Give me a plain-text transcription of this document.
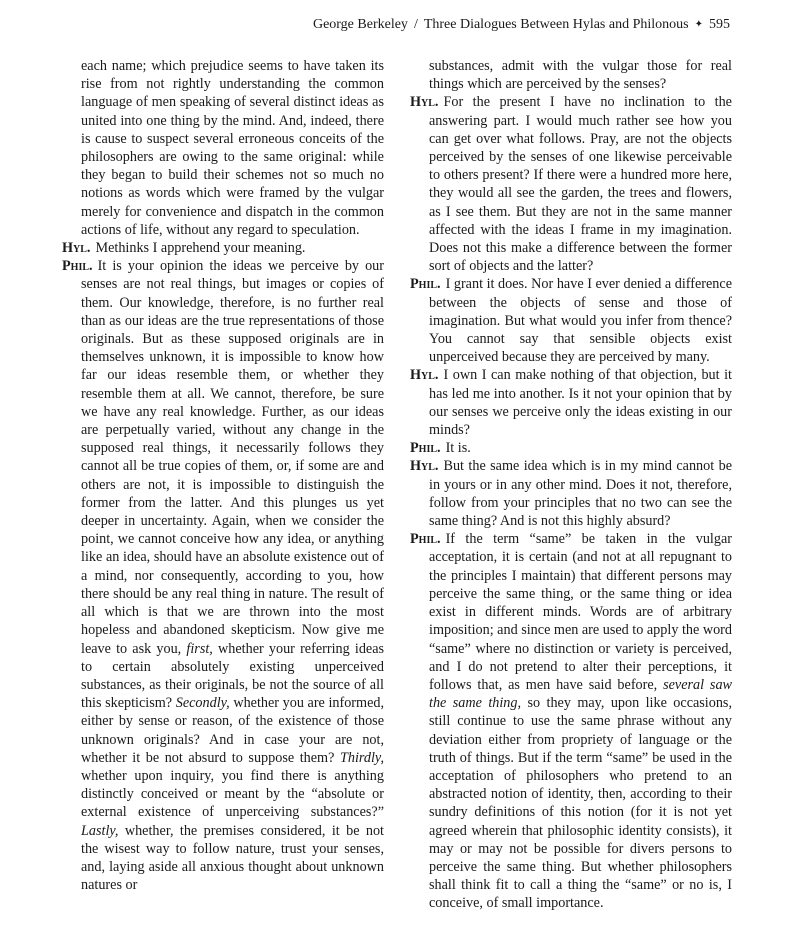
George Berkeley / Three Dialogues Between Hylas and Philonous ✦ 595

each name; which prejudice seems to have taken its rise from not rightly understanding the common language of men speaking of several distinct ideas as united into one thing by the mind. And, indeed, there is cause to suspect several erroneous conceits of the philosophers are owing to the same original: while they began to build their schemes not so much no notions as words which were framed by the vulgar merely for convenience and dispatch in the common actions of life, without any regard to speculation.

Hyl. Methinks I apprehend your meaning.

Phil. It is your opinion the ideas we perceive by our senses are not real things, but images or copies of them. Our knowledge, therefore, is no further real than as our ideas are the true representations of those originals. But as these supposed originals are in themselves unknown, it is impossible to know how far our ideas resemble them, or whether they resemble them at all. We cannot, therefore, be sure we have any real knowledge. Further, as our ideas are perpetually varied, without any change in the supposed real things, it necessarily follows they cannot all be true copies of them, or, if some are and others are not, it is impossible to distinguish the former from the latter. And this plunges us yet deeper in uncertainty. Again, when we consider the point, we cannot conceive how any idea, or anything like an idea, should have an absolute existence out of a mind, nor consequently, according to you, how there should be any real thing in nature. The result of all which is that we are thrown into the most hopeless and abandoned skepticism. Now give me leave to ask you, first, whether your referring ideas to certain absolutely existing unperceived substances, as their originals, be not the source of all this skepticism? Secondly, whether you are informed, either by sense or reason, of the existence of those unknown originals? And in case your are not, whether it be not absurd to suppose them? Thirdly, whether upon inquiry, you find there is anything distinctly conceived or meant by the “absolute or external existence of unperceiving substances?” Lastly, whether, the premises considered, it be not the wisest way to follow nature, trust your senses, and, laying aside all anxious thought about unknown natures or

substances, admit with the vulgar those for real things which are perceived by the senses?

Hyl. For the present I have no inclination to the answering part. I would much rather see how you can get over what follows. Pray, are not the objects perceived by the senses of one likewise perceivable to others present? If there were a hundred more here, they would all see the garden, the trees and flowers, as I see them. But they are not in the same manner affected with the ideas I frame in my imagination. Does not this make a difference between the former sort of objects and the latter?

Phil. I grant it does. Nor have I ever denied a difference between the objects of sense and those of imagination. But what would you infer from thence? You cannot say that sensible objects exist unperceived because they are perceived by many.

Hyl. I own I can make nothing of that objection, but it has led me into another. Is it not your opinion that by our senses we perceive only the ideas existing in our minds?

Phil. It is.

Hyl. But the same idea which is in my mind cannot be in yours or in any other mind. Does it not, therefore, follow from your principles that no two can see the same thing? And is not this highly absurd?

Phil. If the term “same” be taken in the vulgar acceptation, it is certain (and not at all repugnant to the principles I maintain) that different persons may perceive the same thing, or the same thing or idea exist in different minds. Words are of arbitrary imposition; and since men are used to apply the word “same” where no distinction or variety is perceived, and I do not pretend to alter their perceptions, it follows that, as men have said before, several saw the same thing, so they may, upon like occasions, still continue to use the same phrase without any deviation either from propriety of language or the truth of things. But if the term “same” be used in the acceptation of philosophers who pretend to an abstracted notion of identity, then, according to their sundry definitions of this notion (for it is not yet agreed wherein that philosophic identity consists), it may or may not be possible for divers persons to perceive the same thing. But whether philosophers shall think fit to call a thing the “same” or no is, I conceive, of small importance.
